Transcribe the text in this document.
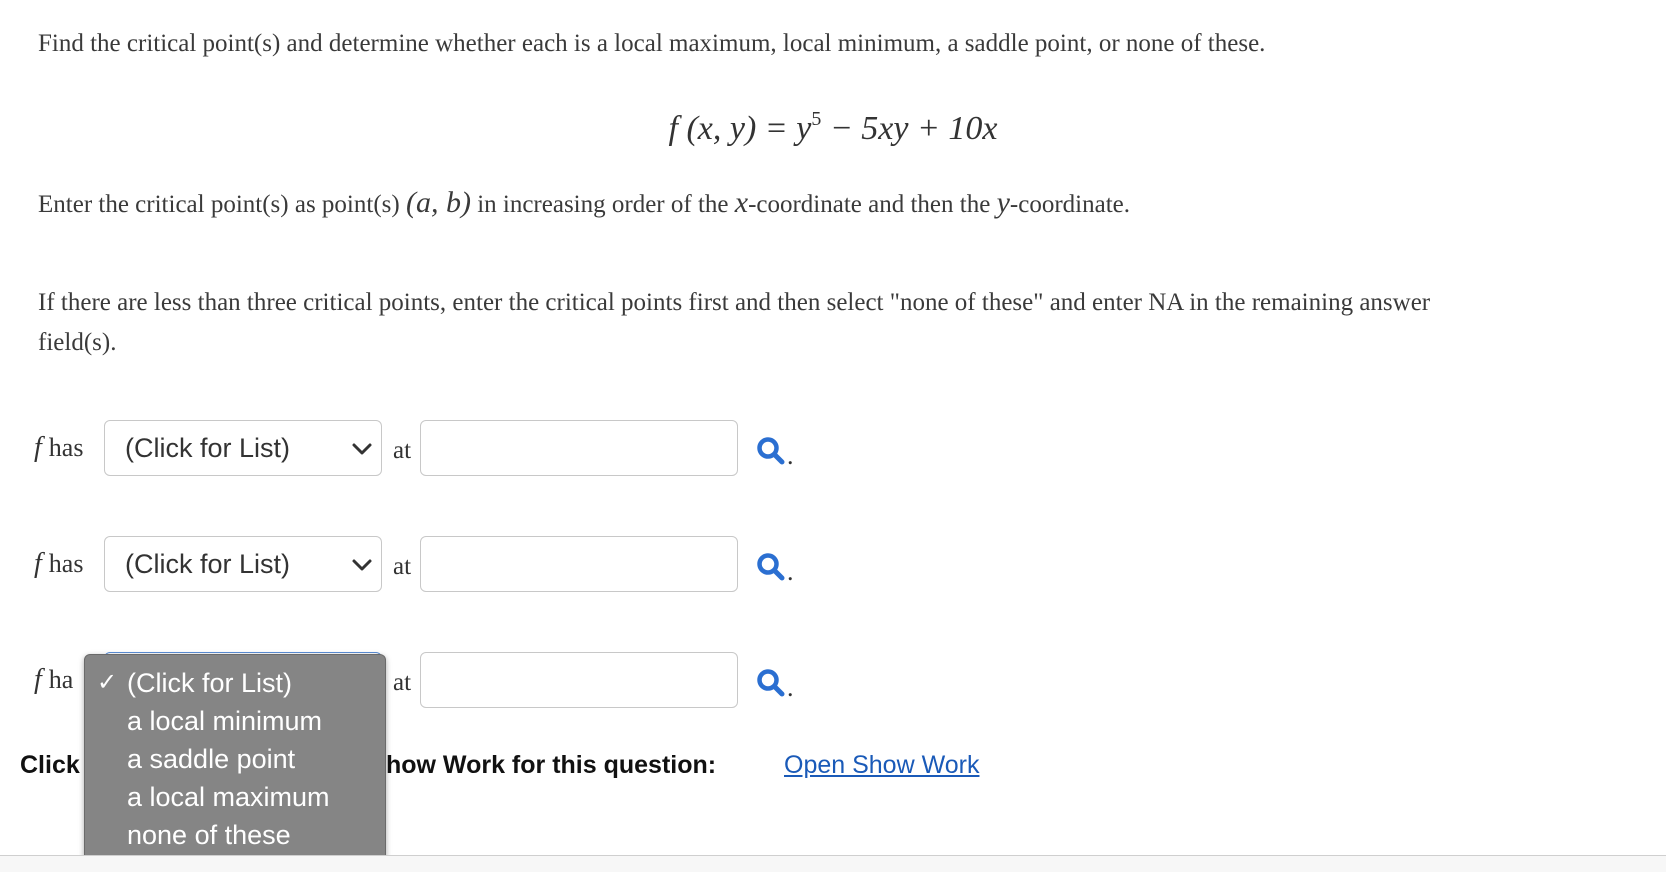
Find the critical point(s) and determine whether each is a local maximum, local minimum, a saddle point, or none of these.
f (x, $y) = y^5 - 5xy + 10x$
Enter the critical point(s) as point(s) (a, b) in increasing order of the x-coordinate and then the y-coordinate.
If there are less than three critical points, enter the critical points first and then select "none of these" and enter NA in the remaining answer
field(s).
f has (Click for List)	at	.
f has (Click for List)	at	.
f ha	at	.
Click	how Work for this question:	Open Show Work
✓ (Click for List)
a local minimum
a saddle point
a local maximum
none of these
